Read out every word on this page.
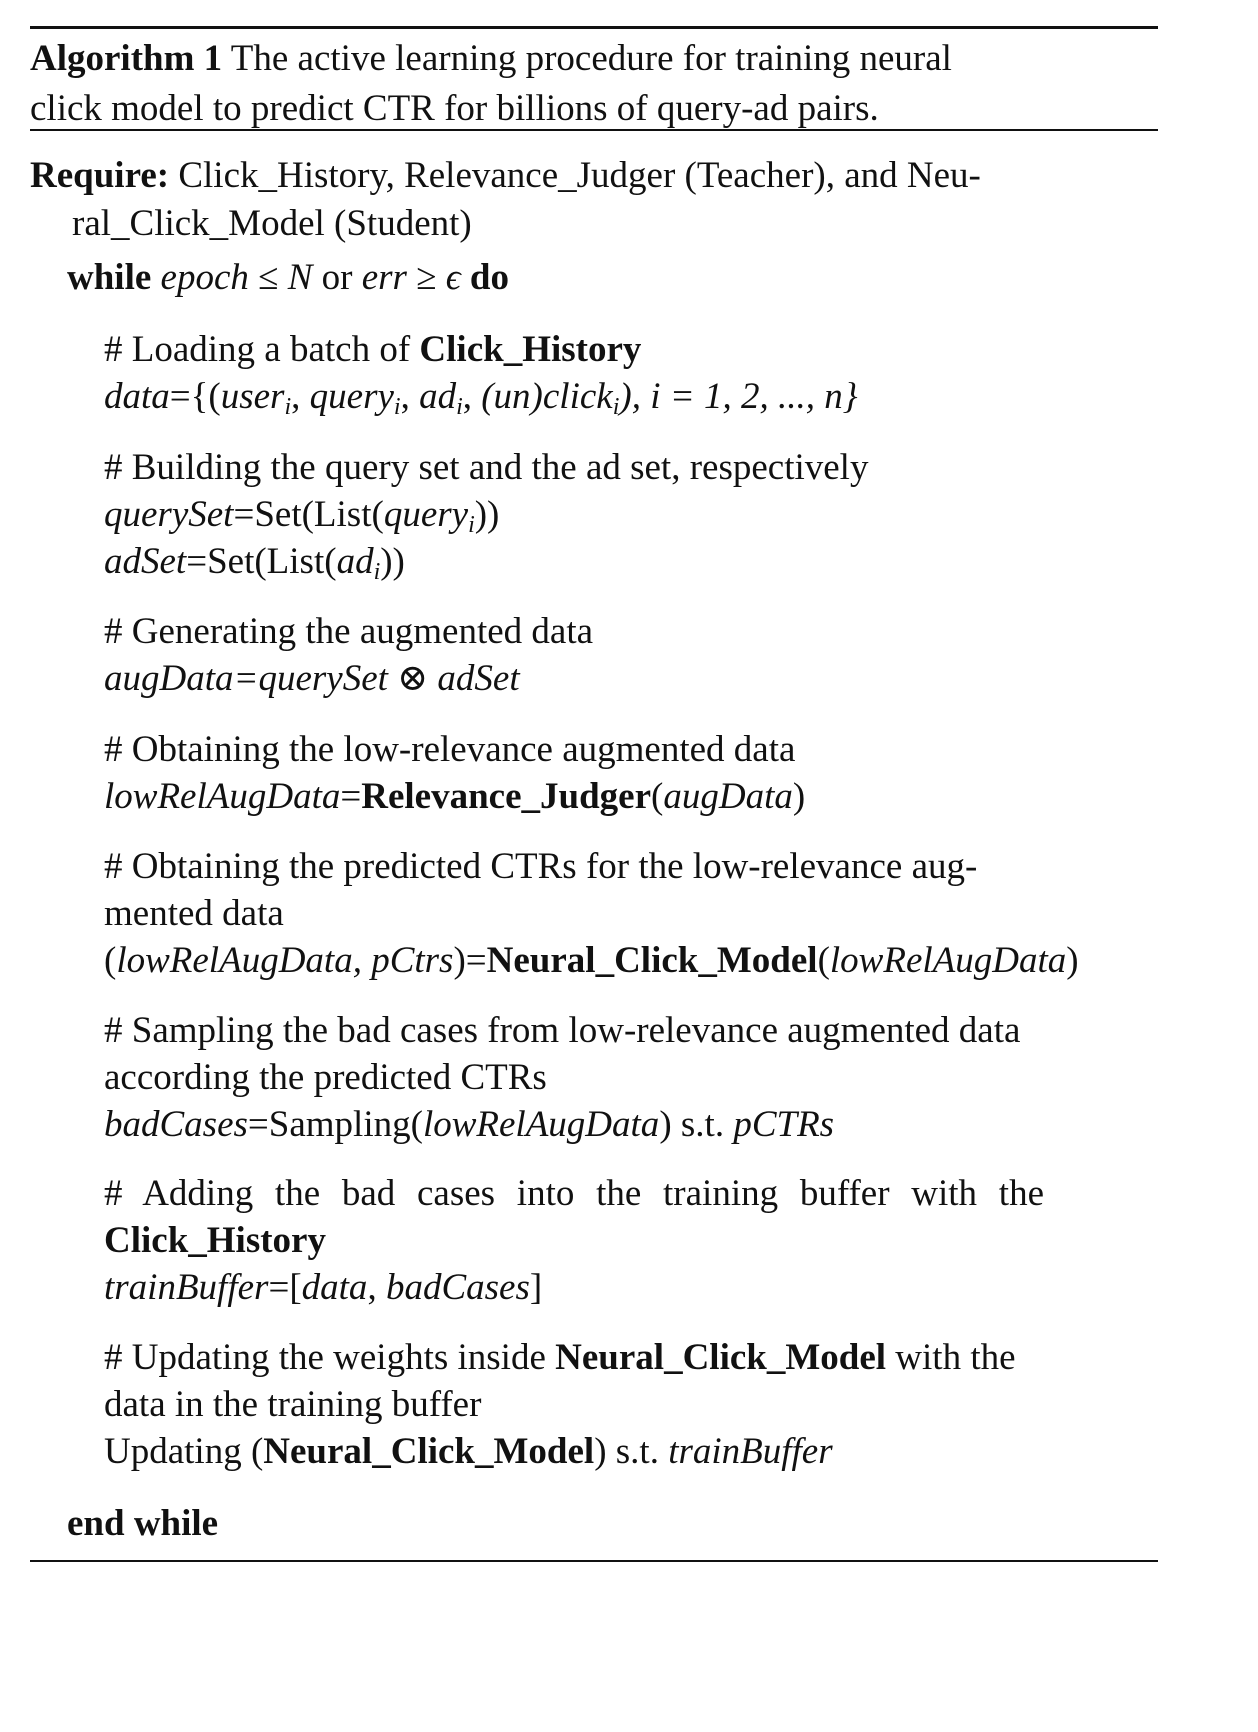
Algorithm 1 The active learning procedure for training neural
click model to predict CTR for billions of query-ad pairs.
Require: Click_History, Relevance_Judger (Teacher), and Neu-
ral_Click_Model (Student)
while epoch ≤ N or err ≥ ϵ do
# Loading a batch of Click_History
data={(user$_i$, query$_i$, $ad_i$, (un)click$_i$), i = 1, 2, ..., n}
# Building the query set and the ad set, respectively
querySet=Set(List(query$_i$))
$adSet=Set(List(ad_i))$
# Generating the augmented data
augData=querySet ⊗ adSet
# Obtaining the low-relevance augmented data
lowRelAugData=Relevance_Judger(augData)
# Obtaining the predicted CTRs for the low-relevance aug-
mented data
(lowRelAugData, pCtrs)=Neural_Click_Model(lowRelAugData)
# Sampling the bad cases from low-relevance augmented data
according the predicted CTRs
badCases=Sampling(lowRelAugData) s.t. pCTRs
# Adding the bad cases into the training buffer with the
Click_History
trainBuffer=[data, badCases]
# Updating the weights inside Neural_Click_Model with the
data in the training buffer
Updating (Neural_Click_Model) s.t. trainBuffer
end while
